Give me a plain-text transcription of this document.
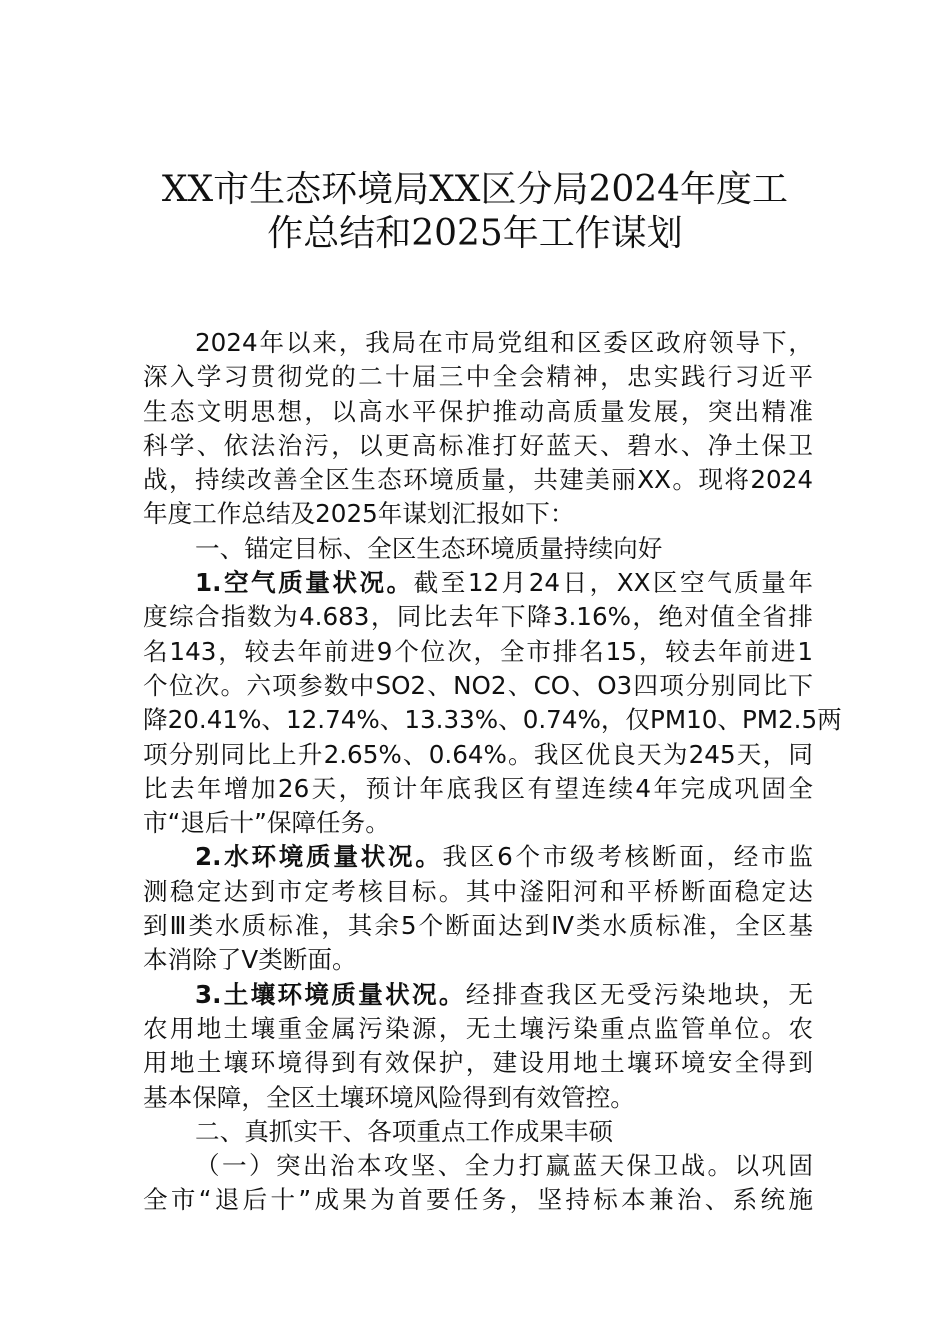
XX市生态环境局XX区分局2024年度工
作总结和2025年工作谋划
2024年以来，我局在市局党组和区委区政府领导下，
深入学习贯彻党的二十届三中全会精神，忠实践行习近平
生态文明思想，以高水平保护推动高质量发展，突出精准
科学、依法治污，以更高标准打好蓝天、碧水、净土保卫
战，持续改善全区生态环境质量，共建美丽XX。现将2024
年度工作总结及2025年谋划汇报如下：
一、锚定目标、全区生态环境质量持续向好
1.空气质量状况。截至12月24日，XX区空气质量年
度综合指数为4.683，同比去年下降3.16%，绝对值全省排
名143，较去年前进9个位次，全市排名15，较去年前进1
个位次。六项参数中SO2、NO2、CO、O3四项分别同比下
降20.41%、12.74%、13.33%、0.74%，仅PM10、PM2.5两
项分别同比上升2.65%、0.64%。我区优良天为245天，同
比去年增加26天，预计年底我区有望连续4年完成巩固全
市“退后十”保障任务。
2.水环境质量状况。我区6个市级考核断面，经市监
测稳定达到市定考核目标。其中滏阳河和平桥断面稳定达
到Ⅲ类水质标准，其余5个断面达到Ⅳ类水质标准，全区基
本消除了Ⅴ类断面。
3.土壤环境质量状况。经排查我区无受污染地块，无
农用地土壤重金属污染源，无土壤污染重点监管单位。农
用地土壤环境得到有效保护，建设用地土壤环境安全得到
基本保障，全区土壤环境风险得到有效管控。
二、真抓实干、各项重点工作成果丰硕
（一）突出治本攻坚、全力打赢蓝天保卫战。以巩固
全市“退后十”成果为首要任务，坚持标本兼治、系统施
